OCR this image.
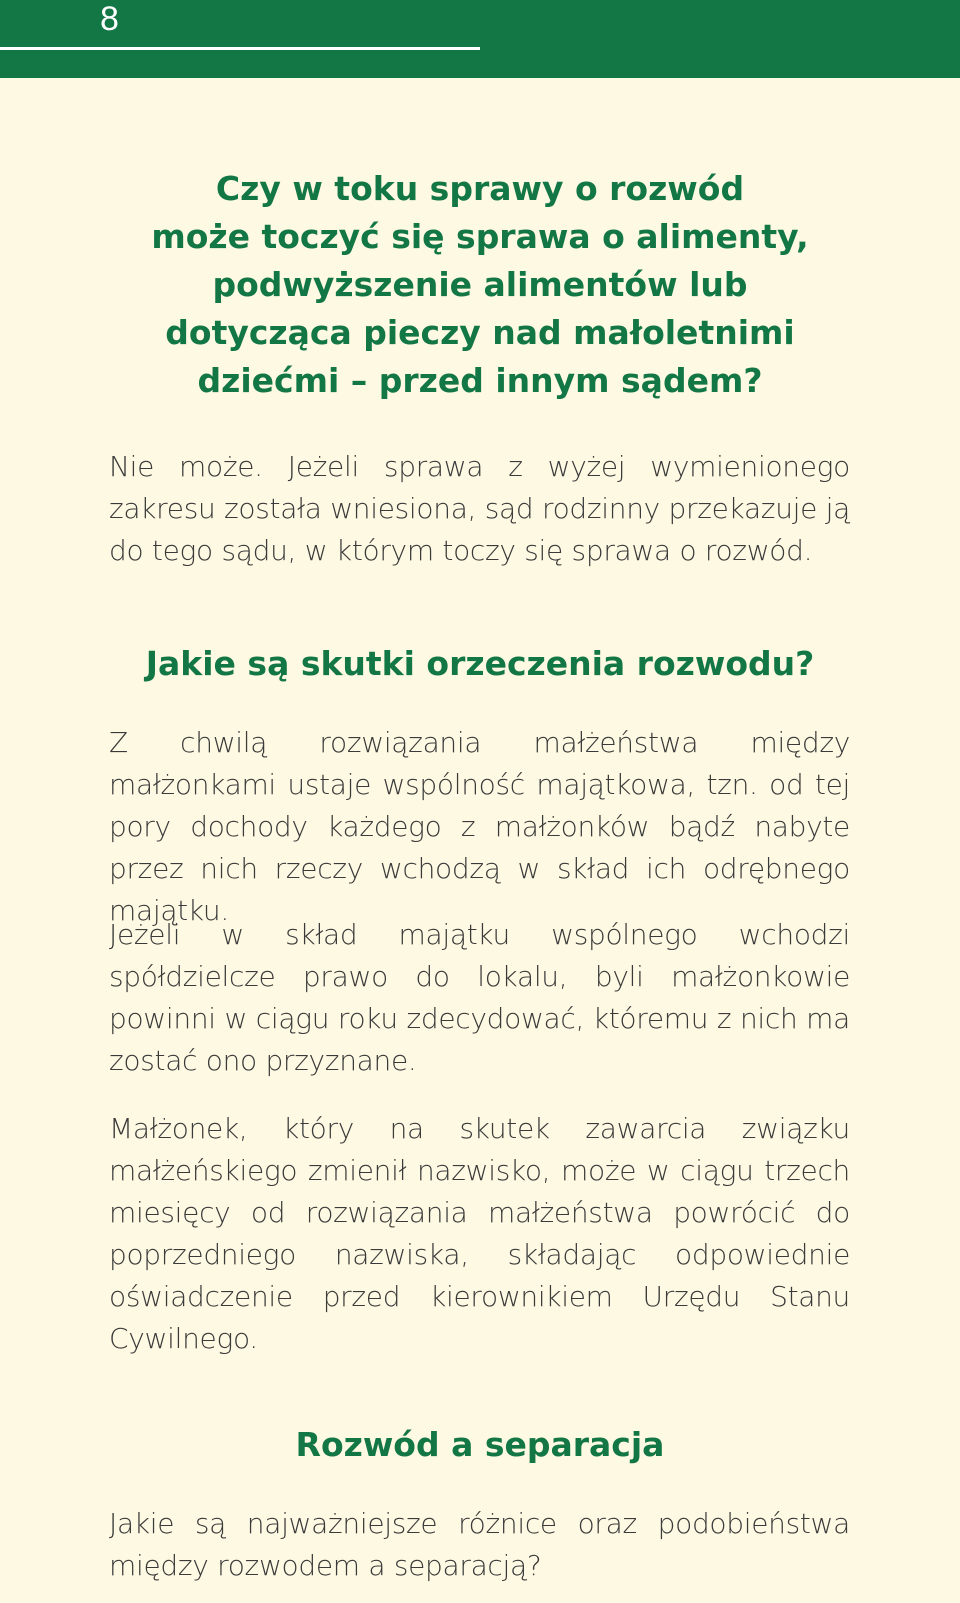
8
Czy w toku sprawy o rozwód
może toczyć się sprawa o alimenty,
podwyższenie alimentów lub
dotycząca pieczy nad małoletnimi
dziećmi – przed innym sądem?

Nie może. Jeżeli sprawa z wyżej wymienionego zakresu została wniesiona, sąd rodzinny przekazuje ją do tego sądu, w którym toczy się sprawa o rozwód.

Jakie są skutki orzeczenia rozwodu?

Z chwilą rozwiązania małżeństwa między małżonkami ustaje wspólność majątkowa, tzn. od tej pory dochody każdego z małżonków bądź nabyte przez nich rzeczy wchodzą w skład ich odrębnego majątku.

Jeżeli w skład majątku wspólnego wchodzi spółdzielcze prawo do lokalu, byli małżonkowie powinni w ciągu roku zdecydować, któremu z nich ma zostać ono przyznane.

Małżonek, który na skutek zawarcia związku małżeńskiego zmienił nazwisko, może w ciągu trzech miesięcy od rozwiązania małżeństwa powrócić do poprzedniego nazwiska, składając odpowiednie oświadczenie przed kierownikiem Urzędu Stanu Cywilnego.

Rozwód a separacja

Jakie są najważniejsze różnice oraz podobieństwa między rozwodem a separacją?
